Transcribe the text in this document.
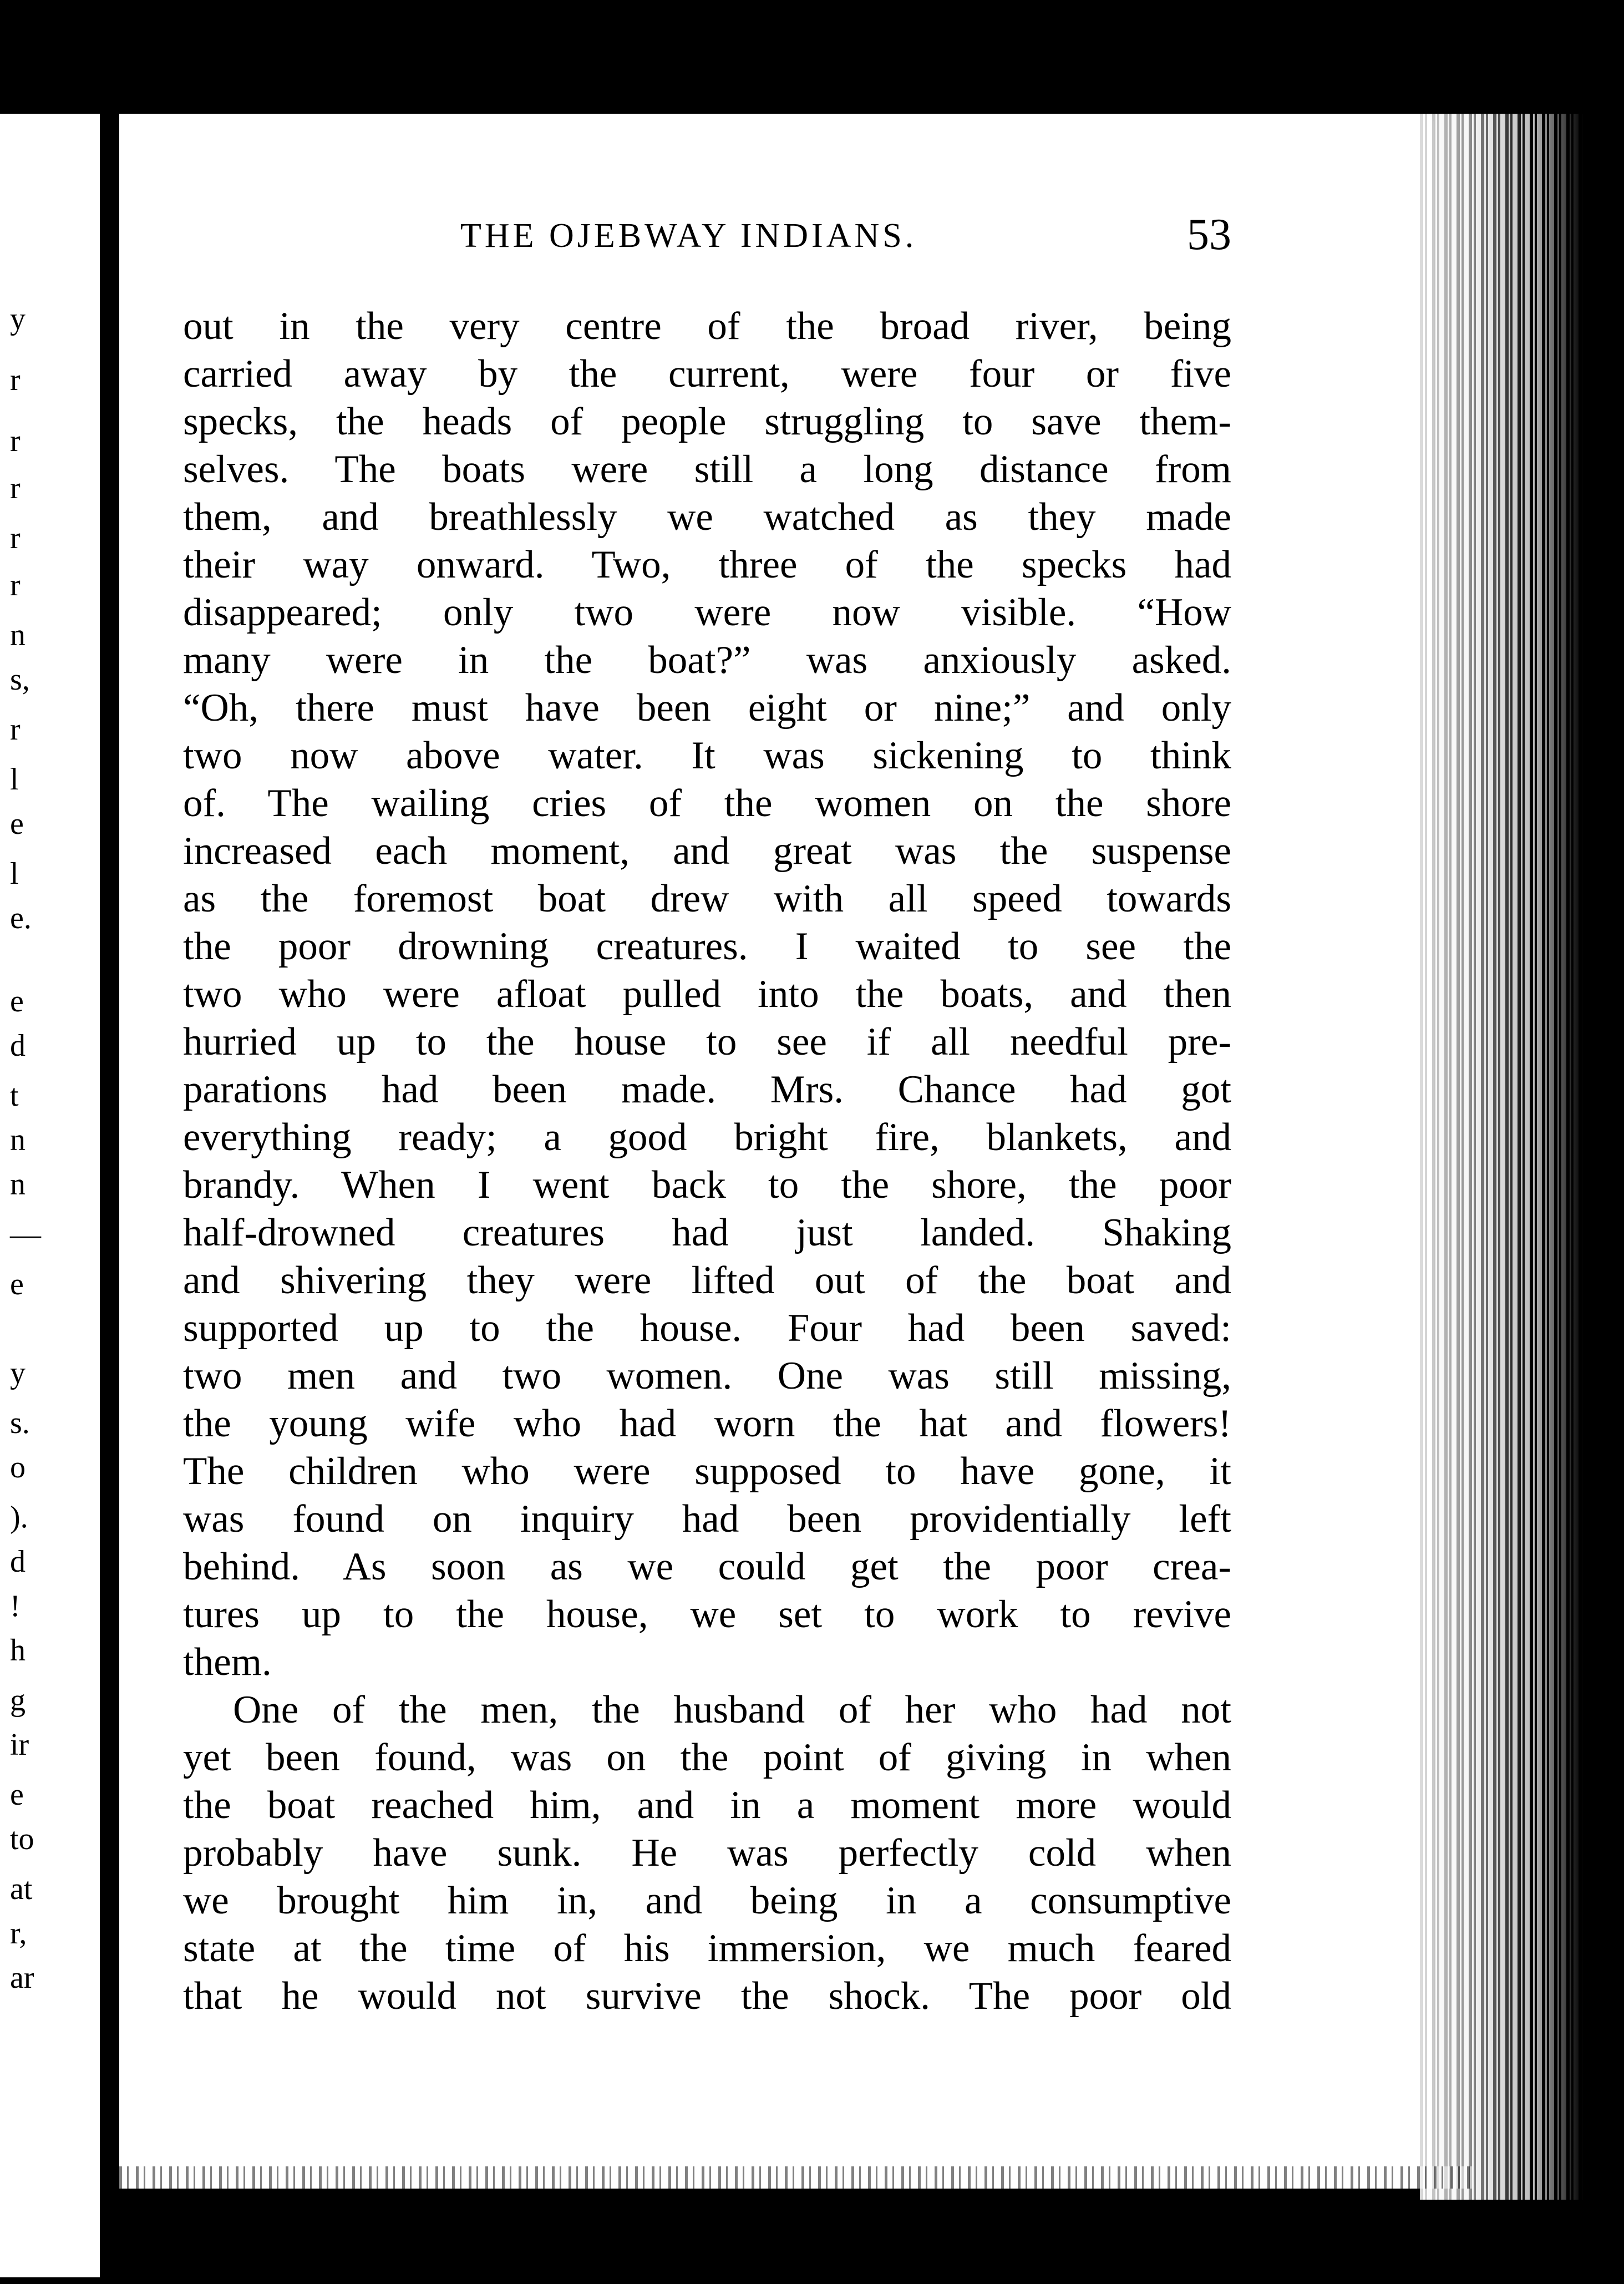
y
r
r
r
r
r
n
s,
r
l
e
l
e.
e
d
t
n
n
—
e
y
s.
o
).
d
!
h
g
ir
e
to
at
r,
ar
THE OJEBWAY INDIANS.	53
out in the very centre of the broad river, being
carried away by the current, were four or five
specks, the heads of people struggling to save them-
selves. The boats were still a long distance from
them, and breathlessly we watched as they made
their way onward. Two, three of the specks had
disappeared; only two were now visible. “How
many were in the boat?” was anxiously asked.
“Oh, there must have been eight or nine;” and only
two now above water. It was sickening to think
of. The wailing cries of the women on the shore
increased each moment, and great was the suspense
as the foremost boat drew with all speed towards
the poor drowning creatures. I waited to see the
two who were afloat pulled into the boats, and then
hurried up to the house to see if all needful pre-
parations had been made. Mrs. Chance had got
everything ready; a good bright fire, blankets, and
brandy. When I went back to the shore, the poor
half-drowned creatures had just landed. Shaking
and shivering they were lifted out of the boat and
supported up to the house. Four had been saved:
two men and two women. One was still missing,
the young wife who had worn the hat and flowers!
The children who were supposed to have gone, it
was found on inquiry had been providentially left
behind. As soon as we could get the poor crea-
tures up to the house, we set to work to revive
them.
One of the men, the husband of her who had not
yet been found, was on the point of giving in when
the boat reached him, and in a moment more would
probably have sunk. He was perfectly cold when
we brought him in, and being in a consumptive
state at the time of his immersion, we much feared
that he would not survive the shock. The poor old
